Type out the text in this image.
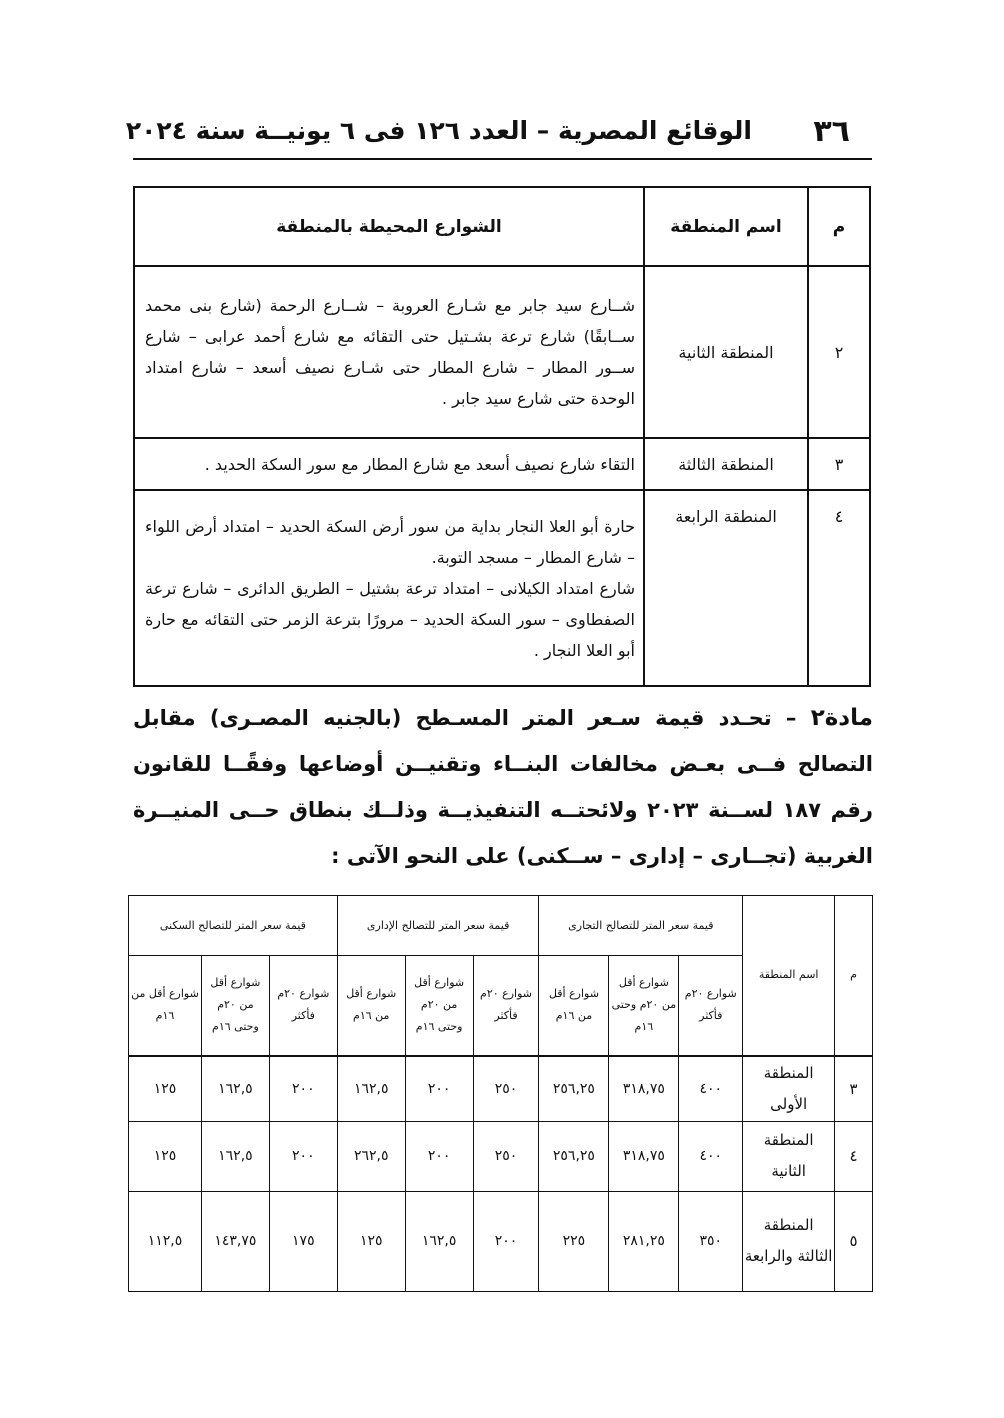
٣٦
الوقائع المصرية – العدد ١٢٦ فى ٦ يونيــة سنة ٢٠٢٤
م	اسم المنطقة	الشوارع المحيطة بالمنطقة
٢	المنطقة الثانية	شــارع سيد جابر مع شـارع العروبة – شــارع الرحمة (شارع بنى محمد ســابقًا) شارع ترعة بشـتيل حتى التقائه مع شارع أحمد عرابى – شارع ســور المطار – شارع المطار حتى شـارع نصيف أسعد – شارع امتداد الوحدة حتى شارع سيد جابر .
٣	المنطقة الثالثة	التقاء شارع نصيف أسعد مع شارع المطار مع سور السكة الحديد .
٤	المنطقة الرابعة	حارة أبو العلا النجار بداية من سور أرض السكة الحديد – امتداد أرض اللواء – شارع المطار – مسجد التوبة.
شارع امتداد الكيلانى – امتداد ترعة بشتيل – الطريق الدائرى – شارع ترعة الصفطاوى – سور السكة الحديد – مرورًا بترعة الزمر حتى التقائه مع حارة أبو العلا النجار .
مادة٢ – تحـدد قيمة سـعر المتر المسـطح (بالجنيه المصـرى) مقابل التصالح فــى بعـض مخالفات البنــاء وتقنيــن أوضاعها وفقًــا للقانون رقم ١٨٧ لســنة ٢٠٢٣ ولائحتــه التنفيذيــة وذلــك بنطاق حــى المنيــرة الغربية (تجــارى – إدارى – ســكنى) على النحو الآتى :
م	اسم المنطقة	قيمة سعر المتر للتصالح التجارى			قيمة سعر المتر للتصالح الإدارى			قيمة سعر المتر للتصالح السكنى		
		شوارع ٢٠م فأكثر	شوارع أقل من ٢٠م وحتى ١٦م	شوارع أقل من ١٦م	شوارع ٢٠م فأكثر	شوارع أقل من ٢٠م وحتى ١٦م	شوارع أقل من ١٦م	شوارع ٢٠م فأكثر	شوارع أقل من ٢٠م وحتى ١٦م	شوارع أقل من ١٦م
٣	المنطقة الأولى	٤٠٠	٣١٨,٧٥	٢٥٦,٢٥	٢٥٠	٢٠٠	١٦٢,٥	٢٠٠	١٦٢,٥	١٢٥
٤	المنطقة الثانية	٤٠٠	٣١٨,٧٥	٢٥٦,٢٥	٢٥٠	٢٠٠	٢٦٢,٥	٢٠٠	١٦٢,٥	١٢٥
٥	المنطقة الثالثة والرابعة	٣٥٠	٢٨١,٢٥	٢٢٥	٢٠٠	١٦٢,٥	١٢٥	١٧٥	١٤٣,٧٥	١١٢,٥
